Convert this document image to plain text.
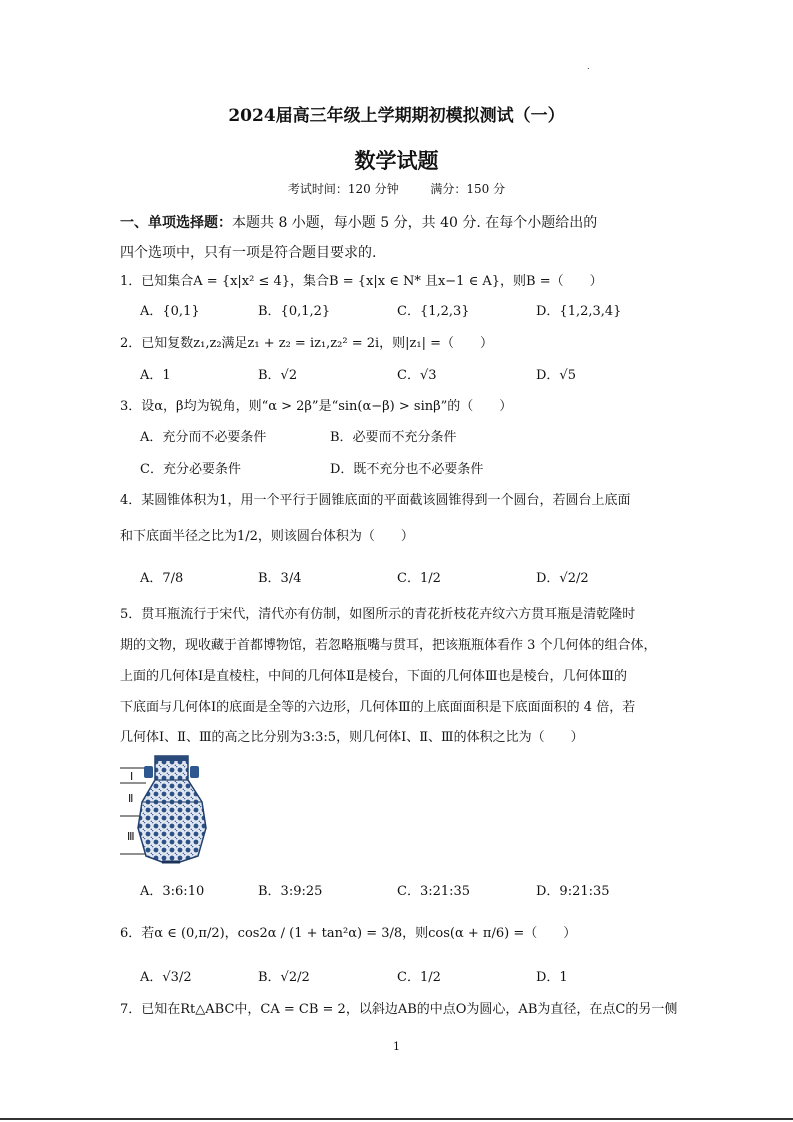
.
2024届高三年级上学期期初模拟测试（一）
数学试题
考试时间：120 分钟	满分：150 分
一、单项选择题：本题共 8 小题，每小题 5 分，共 40 分. 在每个小题给出的
四个选项中，只有一项是符合题目要求的.
1．已知集合A = {x|x² ≤ 4}，集合B = {x|x ∈ N* 且x−1 ∈ A}，则B =（　　）
A．{0,1}	B．{0,1,2}	C．{1,2,3}	D．{1,2,3,4}
2．已知复数z₁,z₂满足z₁ + z₂ = iz₁,z₂² = 2i，则|z₁| =（　　）
A．1	B．√2	C．√3	D．√5
3．设α，β均为锐角，则“α > 2β”是“sin(α−β) > sinβ”的（　　）
A．充分而不必要条件	B．必要而不充分条件
C．充分必要条件	D．既不充分也不必要条件
4．某圆锥体积为1，用一个平行于圆锥底面的平面截该圆锥得到一个圆台，若圆台上底面
和下底面半径之比为1/2，则该圆台体积为（　　）
A．7/8	B．3/4	C．1/2	D．√2/2
5．贯耳瓶流行于宋代，清代亦有仿制，如图所示的青花折枝花卉纹六方贯耳瓶是清乾隆时
期的文物，现收藏于首都博物馆，若忽略瓶嘴与贯耳，把该瓶瓶体看作 3 个几何体的组合体，
上面的几何体Ⅰ是直棱柱，中间的几何体Ⅱ是棱台，下面的几何体Ⅲ也是棱台，几何体Ⅲ的
下底面与几何体Ⅰ的底面是全等的六边形，几何体Ⅲ的上底面面积是下底面面积的 4 倍，若
几何体Ⅰ、Ⅱ、Ⅲ的高之比分别为3:3:5，则几何体Ⅰ、Ⅱ、Ⅲ的体积之比为（　　）
Ⅰ
Ⅱ
Ⅲ
A．3:6:10	B．3:9:25	C．3:21:35	D．9:21:35
6．若α ∈ (0,π/2)，cos2α / (1 + tan²α) = 3/8，则cos(α + π/6) =（　　）
A．√3/2	B．√2/2	C．1/2	D．1
7．已知在Rt△ABC中，CA = CB = 2，以斜边AB的中点O为圆心，AB为直径，在点C的另一侧
1
